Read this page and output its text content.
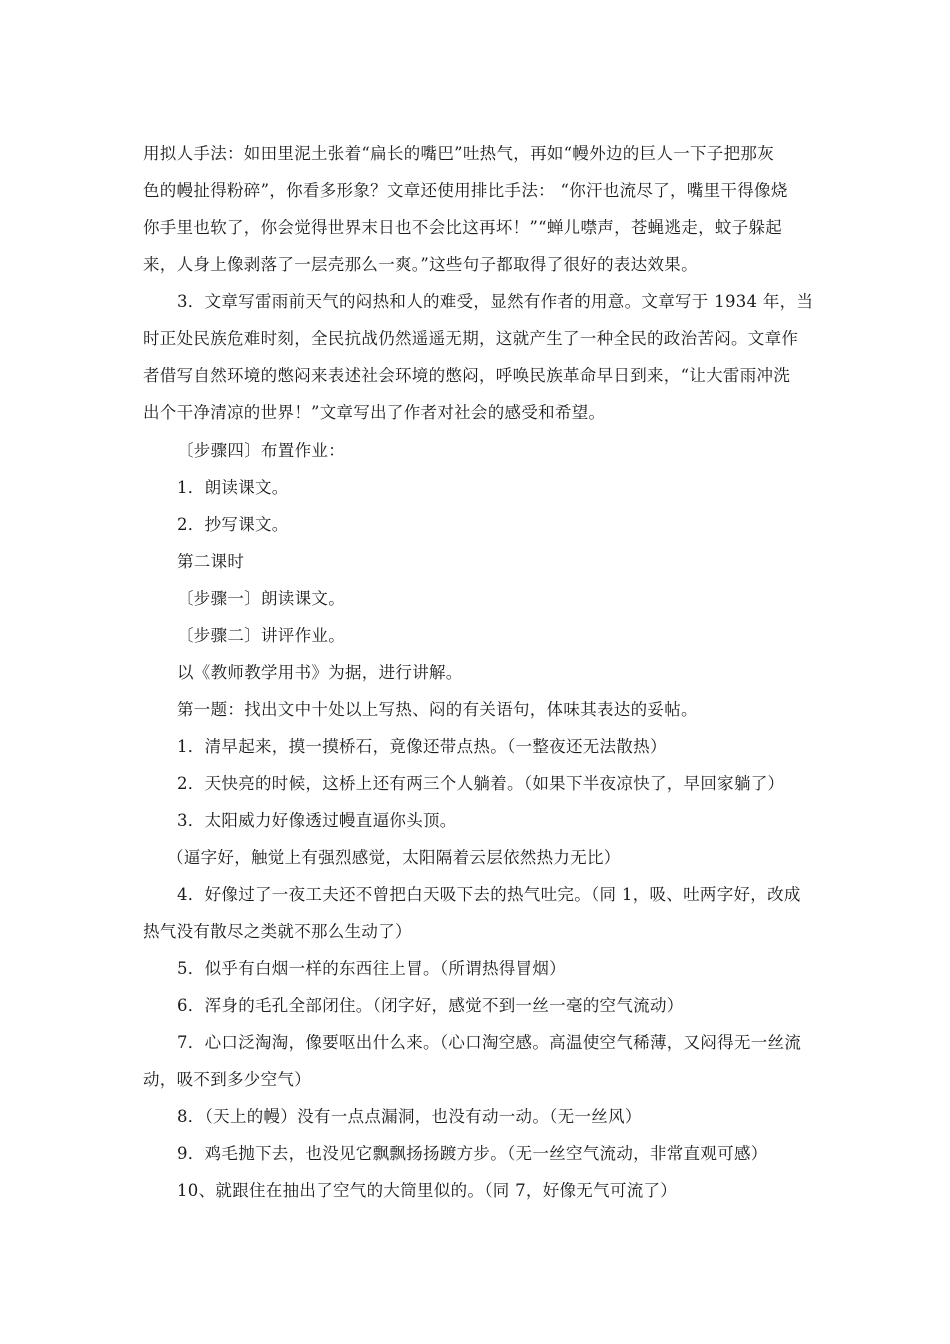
用拟人手法：如田里泥土张着“扁长的嘴巴”吐热气，再如“幔外边的巨人一下子把那灰
色的幔扯得粉碎”，你看多形象？文章还使用排比手法： “你汗也流尽了，嘴里干得像烧
你手里也软了，你会觉得世界末日也不会比这再坏！”“蝉儿噤声，苍蝇逃走，蚊子躲起
来，人身上像剥落了一层壳那么一爽。”这些句子都取得了很好的表达效果。
3．文章写雷雨前天气的闷热和人的难受，显然有作者的用意。文章写于 1934 年，当
时正处民族危难时刻，全民抗战仍然遥遥无期，这就产生了一种全民的政治苦闷。文章作
者借写自然环境的憋闷来表述社会环境的憋闷，呼唤民族革命早日到来，“让大雷雨冲洗
出个干净清凉的世界！”文章写出了作者对社会的感受和希望。
〔步骤四〕布置作业：
1．朗读课文。
2．抄写课文。
第二课时
〔步骤一〕朗读课文。
〔步骤二〕讲评作业。
以《教师教学用书》为据，进行讲解。
第一题：找出文中十处以上写热、闷的有关语句，体味其表达的妥帖。
1．清早起来，摸一摸桥石，竟像还带点热。（一整夜还无法散热）
2．天快亮的时候，这桥上还有两三个人躺着。（如果下半夜凉快了，早回家躺了）
3．太阳威力好像透过幔直逼你头顶。
（逼字好，触觉上有强烈感觉，太阳隔着云层依然热力无比）
4．好像过了一夜工夫还不曾把白天吸下去的热气吐完。（同 1，吸、吐两字好，改成
热气没有散尽之类就不那么生动了）
5．似乎有白烟一样的东西往上冒。（所谓热得冒烟）
6．浑身的毛孔全部闭住。（闭字好，感觉不到一丝一毫的空气流动）
7．心口泛淘淘，像要呕出什么来。（心口淘空感。高温使空气稀薄，又闷得无一丝流
动，吸不到多少空气）
8．（天上的幔）没有一点点漏洞，也没有动一动。（无一丝风）
9．鸡毛抛下去，也没见它飘飘扬扬踱方步。（无一丝空气流动，非常直观可感）
10、就跟住在抽出了空气的大筒里似的。（同 7，好像无气可流了）
